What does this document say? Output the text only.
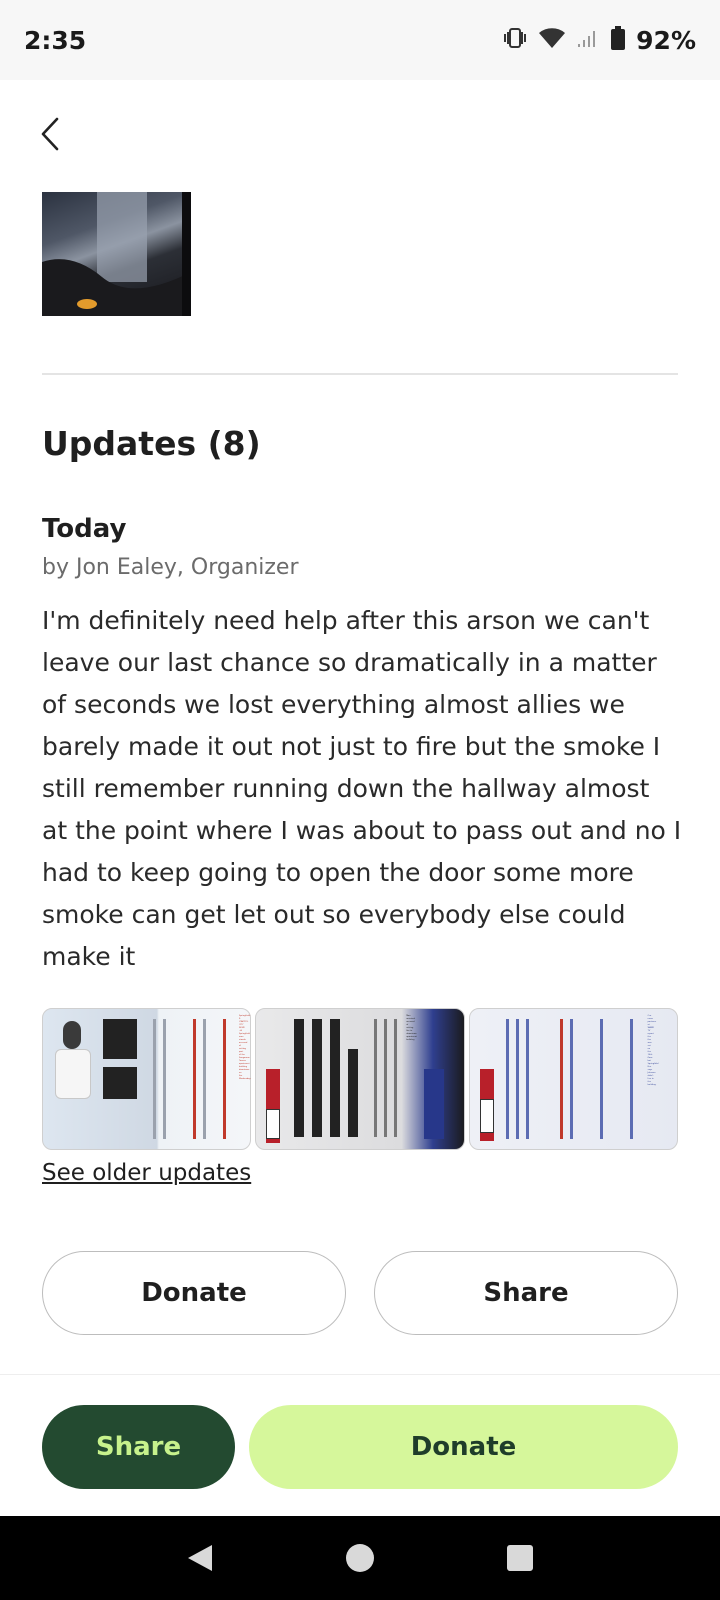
2:35	92%
Updates (8)
Today
by Jon Ealey, Organizer

I'm definitely need help after this arson we can't leave our last chance so dramatically in a matter of seconds we lost everything almost allies we barely made it out not just to fire but the smoke I still remember running down the hallway almost at the point where I was about to pass out and no I had to keep going to open the door some more smoke can get let out so everybody else could make it

Springfield, IL (CAPITOL CITY NOW) - A Springfield man stands accused of setting part of the Sangamon Towers apartment building downtown on fire Wednesday.
Man arrested, accused of setting fire to downtown apartment building
Our news partners at WAND TV report the fire was set on the 10th floor, but Springfield Fire says Johnson didn't live in the building.
See older updates
Donate	Share
Share	Donate
